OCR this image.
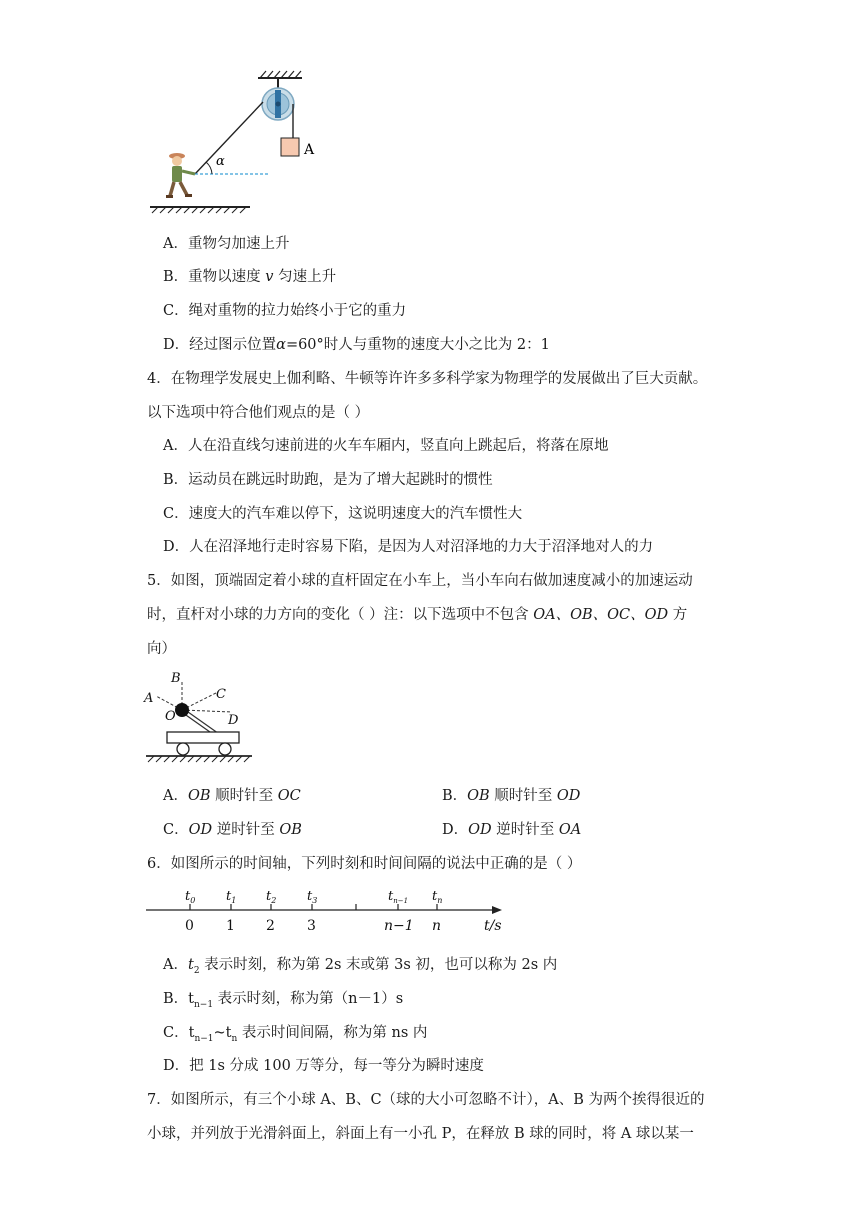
A
α
A．重物匀加速上升
B．重物以速度 v 匀速上升
C．绳对重物的拉力始终小于它的重力
D．经过图示位置α=60°时人与重物的速度大小之比为 2：1
4．在物理学发展史上伽利略、牛顿等许许多多科学家为物理学的发展做出了巨大贡献。
以下选项中符合他们观点的是（ ）
A．人在沿直线匀速前进的火车车厢内，竖直向上跳起后，将落在原地
B．运动员在跳远时助跑，是为了增大起跳时的惯性
C．速度大的汽车难以停下，这说明速度大的汽车惯性大
D．人在沼泽地行走时容易下陷，是因为人对沼泽地的力大于沼泽地对人的力
5．如图，顶端固定着小球的直杆固定在小车上，当小车向右做加速度减小的加速运动
时，直杆对小球的力方向的变化（ ）注：以下选项中不包含 OA、OB、OC、OD 方
向）
A
B
C
O	D
A．OB 顺时针至 OC	B．OB 顺时针至 OD
C．OD 逆时针至 OB	D．OD 逆时针至 OA
6．如图所示的时间轴，下列时刻和时间间隔的说法中正确的是（ ）
$t_0$ $t_1$ $t_2$ $t_3$	$t_{n-1}$ $t_n$
0 1 2 3	n−1 n	t/s
A．$t_2$ 表示时刻，称为第 2s 末或第 3s 初，也可以称为 2s 内
B．$t_{n-1}$ 表示时刻，称为第（n－1）s
C．$t_{n-1}\sim t_n$ 表示时间间隔，称为第 ns 内
D．把 1s 分成 100 万等分，每一等分为瞬时速度
7．如图所示，有三个小球 A、B、C（球的大小可忽略不计），A、B 为两个挨得很近的
小球，并列放于光滑斜面上，斜面上有一小孔 P，在释放 B 球的同时，将 A 球以某一
